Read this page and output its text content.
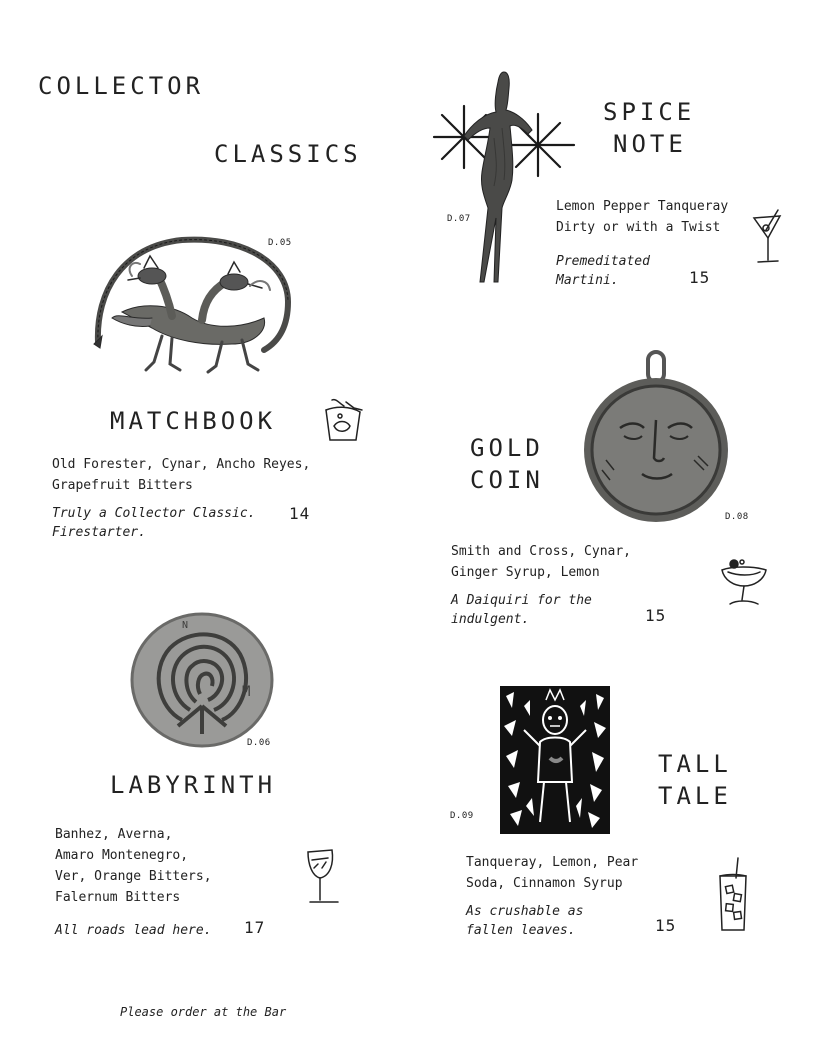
COLLECTOR
CLASSICS
SPICE
NOTE
D.07
Lemon Pepper Tanqueray
Dirty or with a Twist
Premeditated
Martini.	15
D.05
MATCHBOOK
Old Forester, Cynar, Ancho Reyes,
Grapefruit Bitters
Truly a Collector Classic.
Firestarter.
14
GOLD
COIN
D.08
Smith and Cross, Cynar,
Ginger Syrup, Lemon
A Daiquiri for the
indulgent.	15
M
N
D.06
LABYRINTH
Banhez, Averna,
Amaro Montenegro,
Ver, Orange Bitters,
Falernum Bitters
All roads lead here. 17
TALL
TALE
D.09
Tanqueray, Lemon, Pear
Soda, Cinnamon Syrup
As crushable as
fallen leaves.	15
Please order at the Bar
